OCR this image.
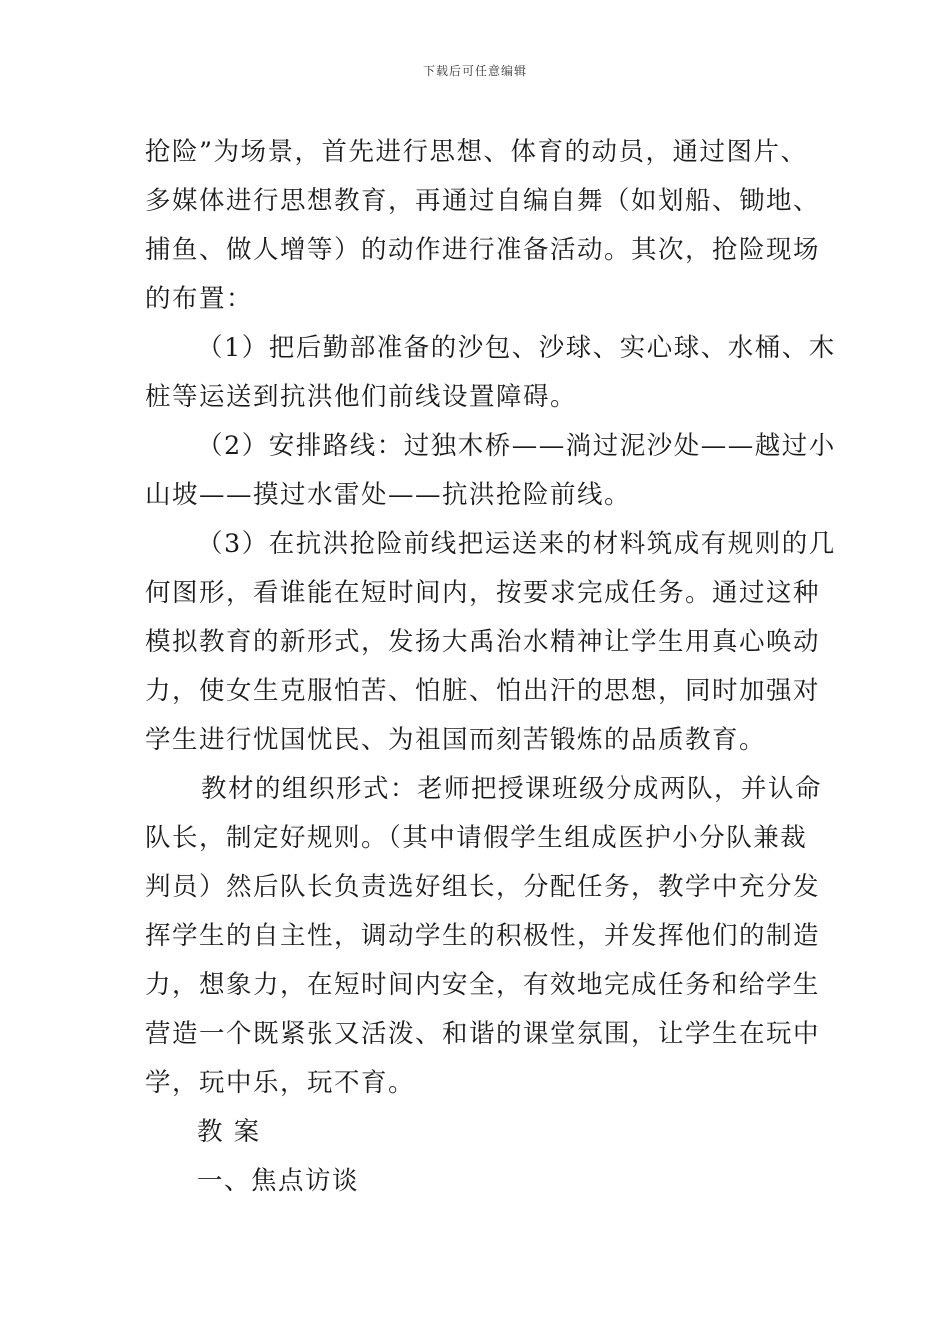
下载后可任意编辑
抢险”为场景，首先进行思想、体育的动员，通过图片、
多媒体进行思想教育，再通过自编自舞（如划船、锄地、
捕鱼、做人增等）的动作进行准备活动。其次，抢险现场
的布置：
（1）把后勤部准备的沙包、沙球、实心球、水桶、木
桩等运送到抗洪他们前线设置障碍。
（2）安排路线：过独木桥——淌过泥沙处——越过小
山坡——摸过水雷处——抗洪抢险前线。
（3）在抗洪抢险前线把运送来的材料筑成有规则的几
何图形，看谁能在短时间内，按要求完成任务。通过这种
模拟教育的新形式，发扬大禹治水精神让学生用真心唤动
力，使女生克服怕苦、怕脏、怕出汗的思想，同时加强对
学生进行忧国忧民、为祖国而刻苦锻炼的品质教育。
教材的组织形式：老师把授课班级分成两队，并认命
队长，制定好规则。（其中请假学生组成医护小分队兼裁
判员）然后队长负责选好组长，分配任务，教学中充分发
挥学生的自主性，调动学生的积极性，并发挥他们的制造
力，想象力，在短时间内安全，有效地完成任务和给学生
营造一个既紧张又活泼、和谐的课堂氛围，让学生在玩中
学，玩中乐，玩不育。
教 案
一、焦点访谈
